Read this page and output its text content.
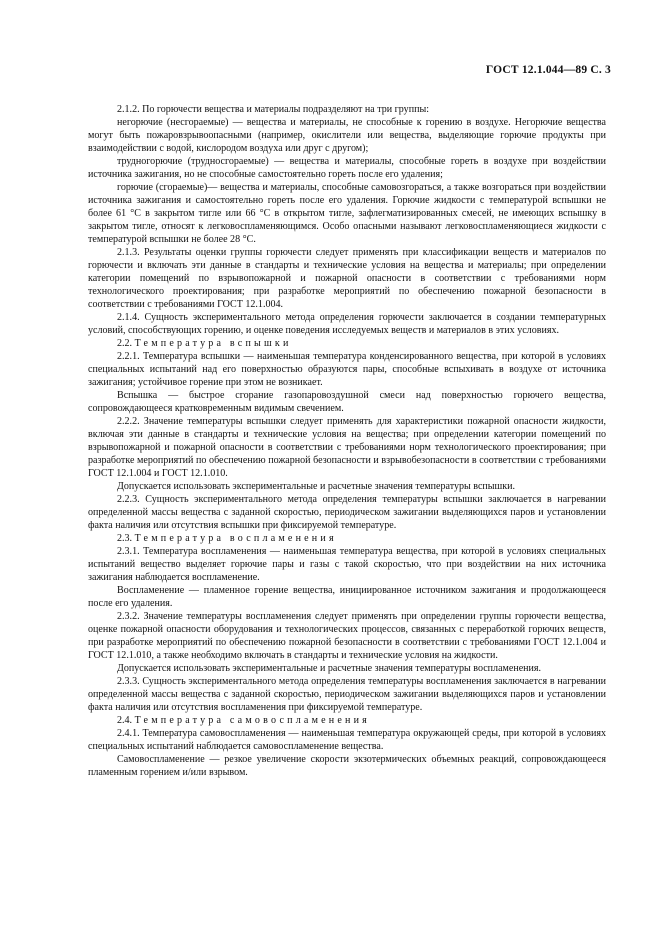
ГОСТ 12.1.044—89 С. 3

2.1.2. По горючести вещества и материалы подразделяют на три группы:

негорючие (несгораемые) — вещества и материалы, не способные к горению в воздухе. Негорючие вещества могут быть пожаровзрывоопасными (например, окислители или вещества, выделяющие горючие продукты при взаимодействии с водой, кислородом воздуха или друг с другом);

трудногорючие (трудносгораемые) — вещества и материалы, способные гореть в воздухе при воздействии источника зажигания, но не способные самостоятельно гореть после его удаления;

горючие (сгораемые)— вещества и материалы, способные самовозгораться, а также возгораться при воздействии источника зажигания и самостоятельно гореть после его удаления. Горючие жидкости с температурой вспышки не более 61 °С в закрытом тигле или 66 °С в открытом тигле, зафлегматизированных смесей, не имеющих вспышку в закрытом тигле, относят к легковоспламеняющимся. Особо опасными называют легковоспламеняющиеся жидкости с температурой вспышки не более 28 °С.

2.1.3. Результаты оценки группы горючести следует применять при классификации веществ и материалов по горючести и включать эти данные в стандарты и технические условия на вещества и материалы; при определении категории помещений по взрывопожарной и пожарной опасности в соответствии с требованиями норм технологического проектирования; при разработке мероприятий по обеспечению пожарной безопасности в соответствии с требованиями ГОСТ 12.1.004.

2.1.4. Сущность экспериментального метода определения горючести заключается в создании температурных условий, способствующих горению, и оценке поведения исследуемых веществ и материалов в этих условиях.

2.2. Температура вспышки

2.2.1. Температура вспышки — наименьшая температура конденсированного вещества, при которой в условиях специальных испытаний над его поверхностью образуются пары, способные вспыхивать в воздухе от источника зажигания; устойчивое горение при этом не возникает.

Вспышка — быстрое сгорание газопаровоздушной смеси над поверхностью горючего вещества, сопровождающееся кратковременным видимым свечением.

2.2.2. Значение температуры вспышки следует применять для характеристики пожарной опасности жидкости, включая эти данные в стандарты и технические условия на вещества; при определении категории помещений по взрывопожарной и пожарной опасности в соответствии с требованиями норм технологического проектирования; при разработке мероприятий по обеспечению пожарной безопасности и взрывобезопасности в соответствии с требованиями ГОСТ 12.1.004 и ГОСТ 12.1.010.

Допускается использовать экспериментальные и расчетные значения температуры вспышки.

2.2.3. Сущность экспериментального метода определения температуры вспышки заключается в нагревании определенной массы вещества с заданной скоростью, периодическом зажигании выделяющихся паров и установлении факта наличия или отсутствия вспышки при фиксируемой температуре.

2.3. Температура воспламенения

2.3.1. Температура воспламенения — наименьшая температура вещества, при которой в условиях специальных испытаний вещество выделяет горючие пары и газы с такой скоростью, что при воздействии на них источника зажигания наблюдается воспламенение.

Воспламенение — пламенное горение вещества, инициированное источником зажигания и продолжающееся после его удаления.

2.3.2. Значение температуры воспламенения следует применять при определении группы горючести вещества, оценке пожарной опасности оборудования и технологических процессов, связанных с переработкой горючих веществ, при разработке мероприятий по обеспечению пожарной безопасности в соответствии с требованиями ГОСТ 12.1.004 и ГОСТ 12.1.010, а также необходимо включать в стандарты и технические условия на жидкости.

Допускается использовать экспериментальные и расчетные значения температуры воспламенения.

2.3.3. Сущность экспериментального метода определения температуры воспламенения заключается в нагревании определенной массы вещества с заданной скоростью, периодическом зажигании выделяющихся паров и установлении факта наличия или отсутствия воспламенения при фиксируемой температуре.

2.4. Температура самовоспламенения

2.4.1. Температура самовоспламенения — наименьшая температура окружающей среды, при которой в условиях специальных испытаний наблюдается самовоспламенение вещества.

Самовоспламенение — резкое увеличение скорости экзотермических объемных реакций, сопровождающееся пламенным горением и/или взрывом.
